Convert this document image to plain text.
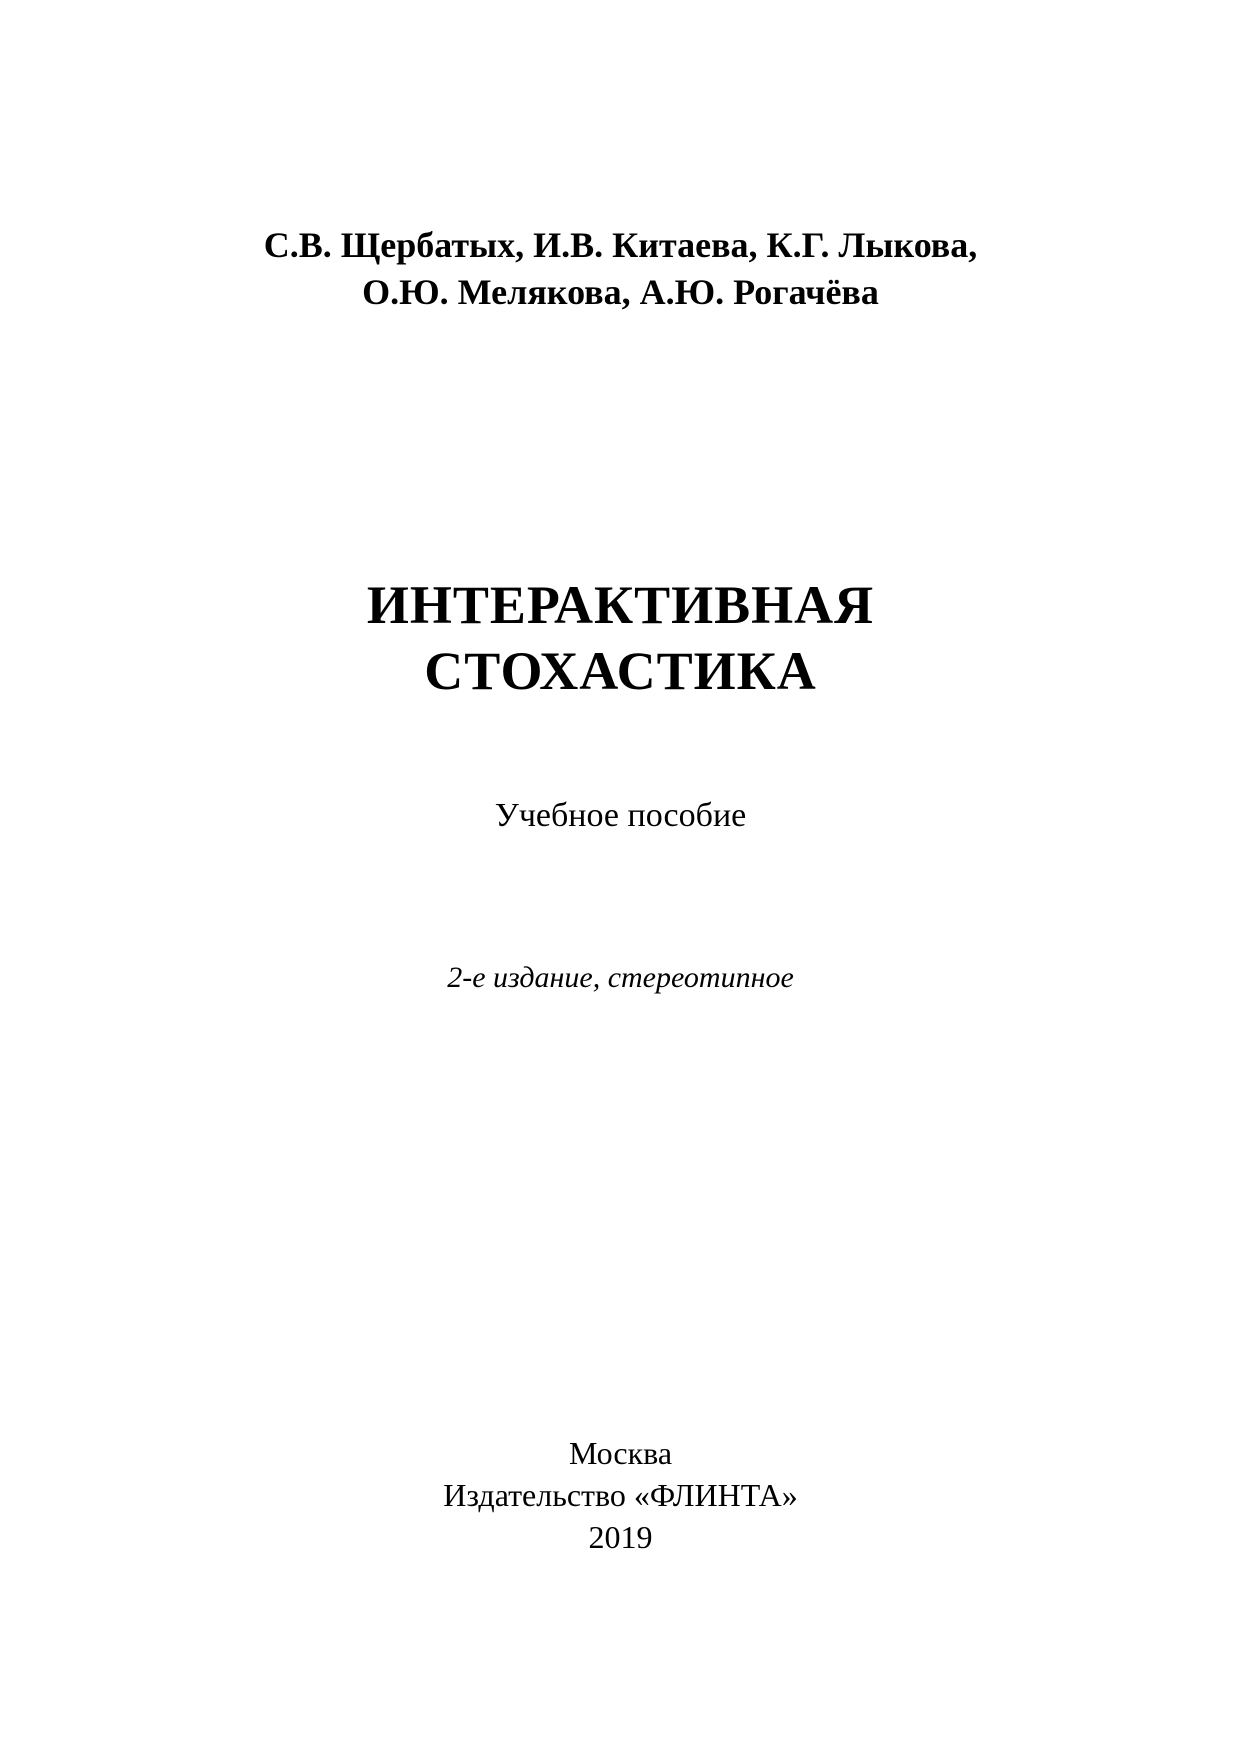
С.В. Щербатых, И.В. Китаева, К.Г. Лыкова,
О.Ю. Мелякова, А.Ю. Рогачёва
ИНТЕРАКТИВНАЯ
СТОХАСТИКА
Учебное пособие
2-е издание, стереотипное
Москва
Издательство «ФЛИНТА»
2019
